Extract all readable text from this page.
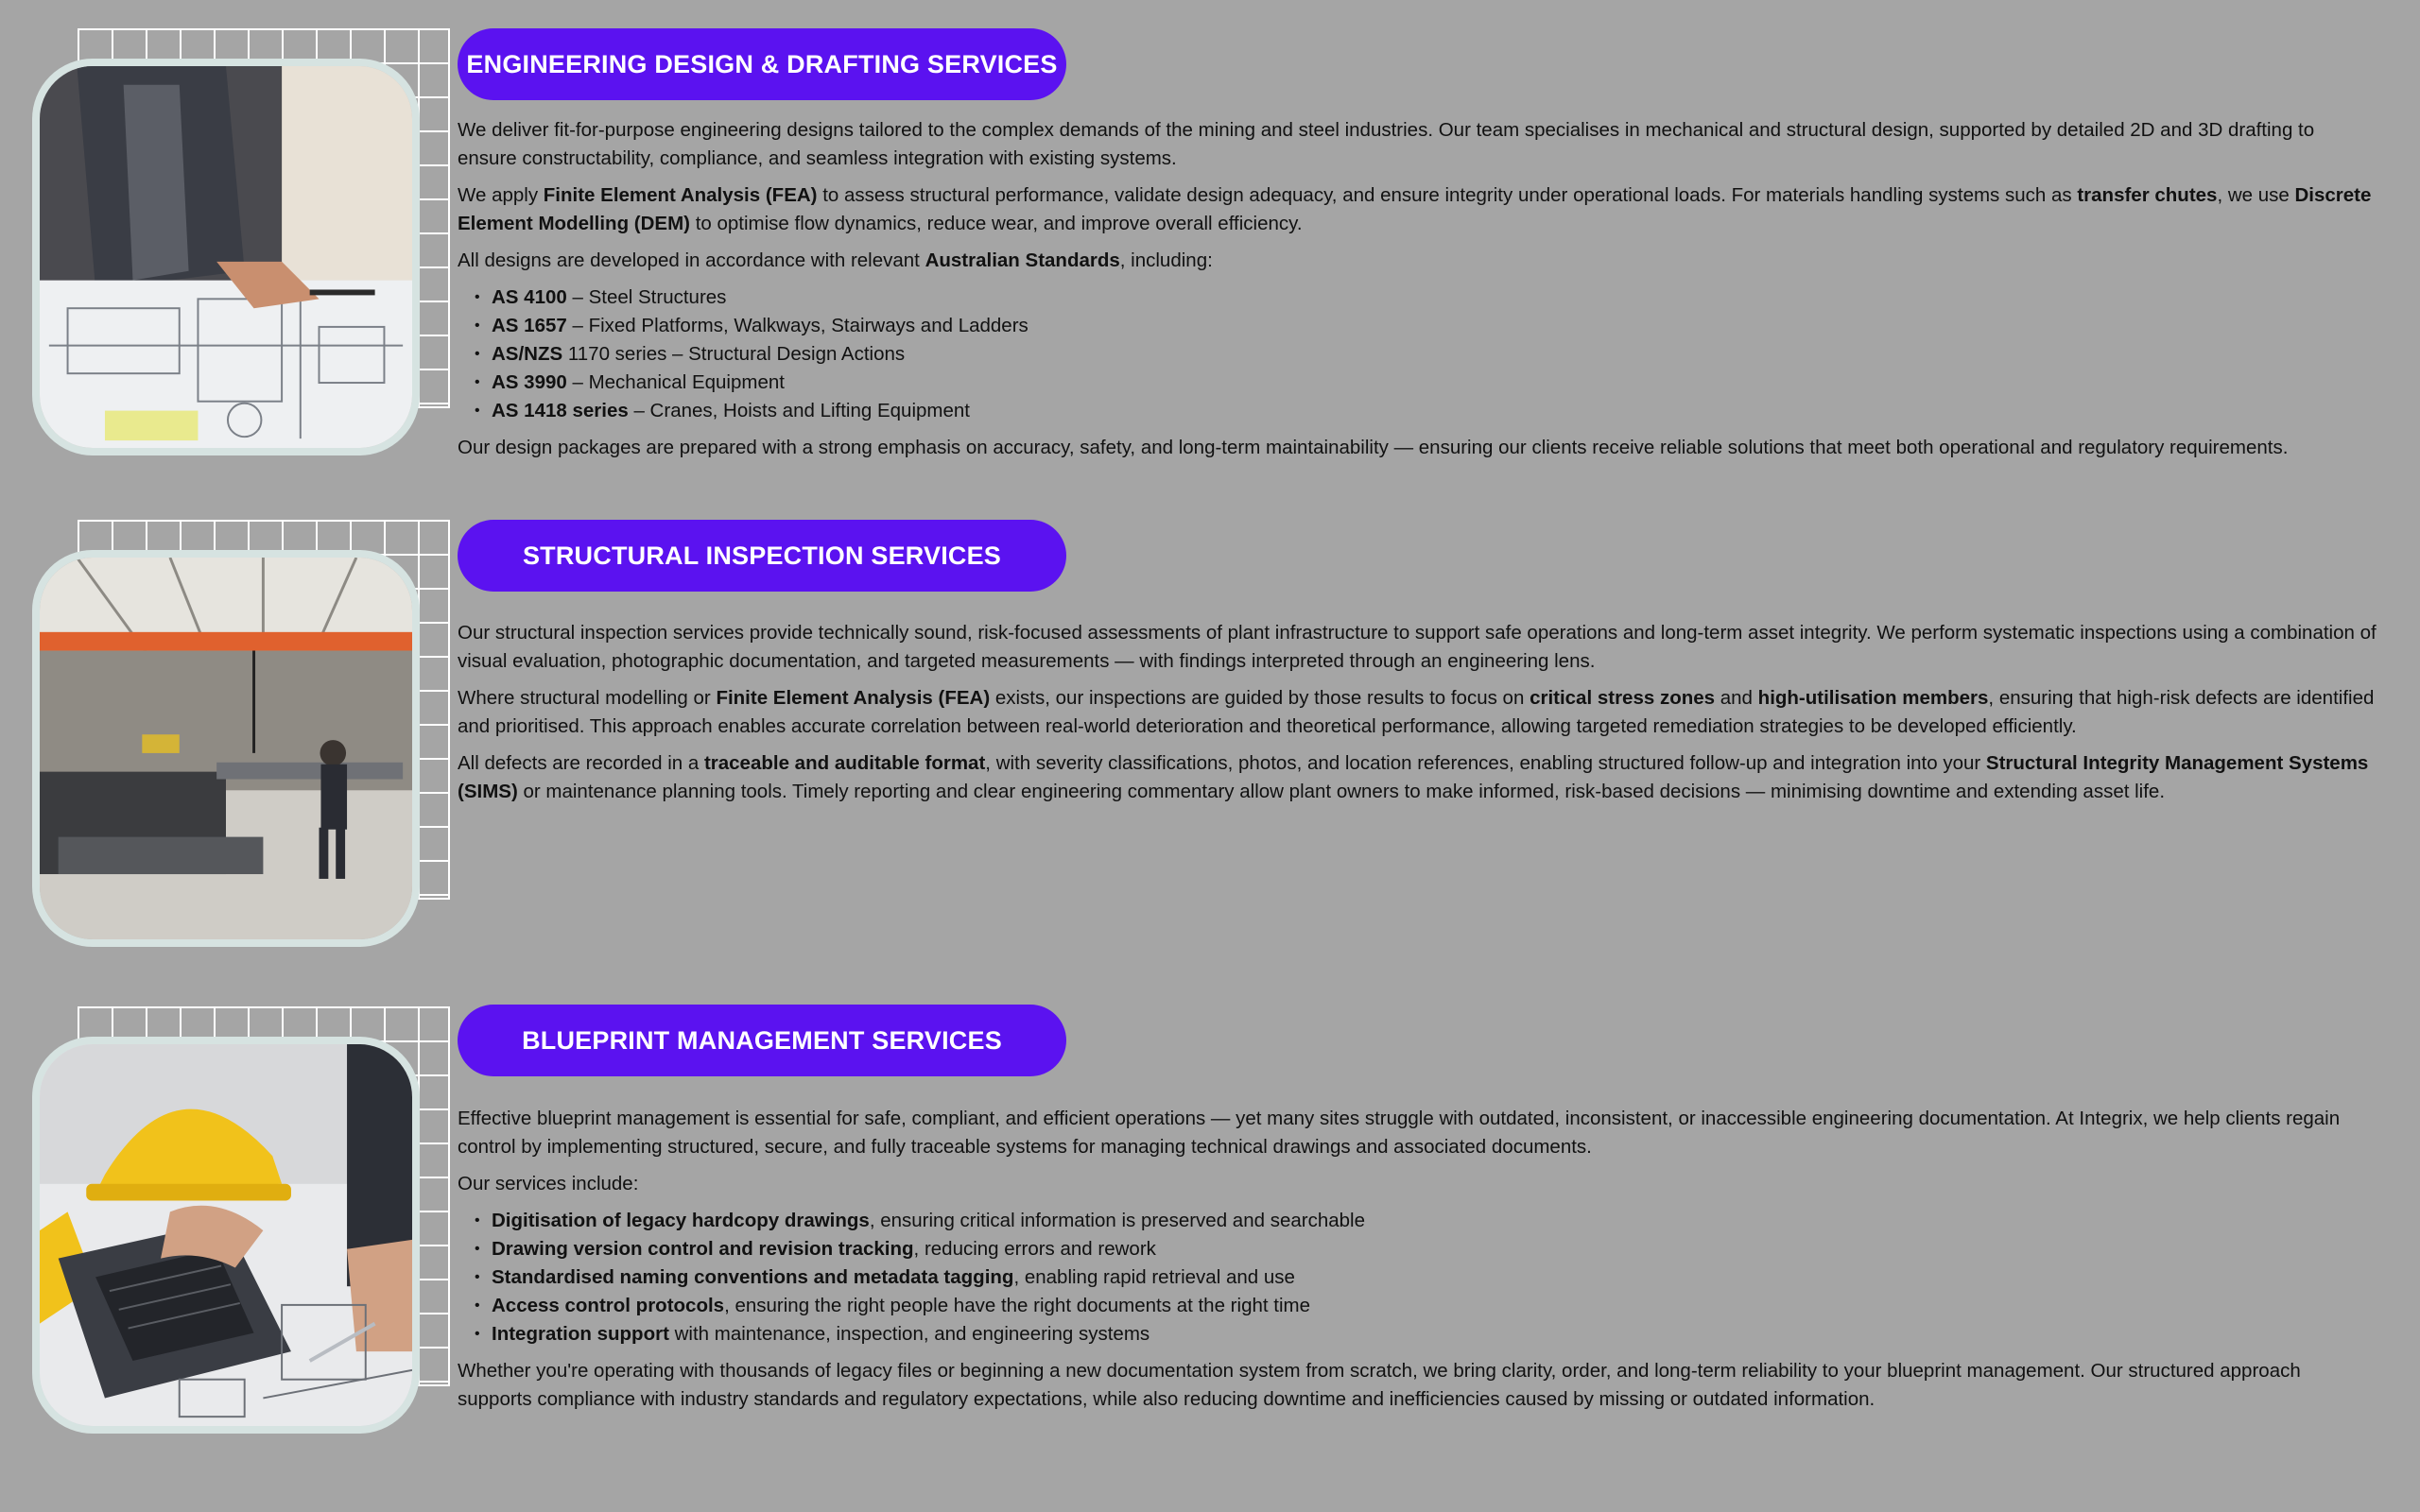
ENGINEERING DESIGN & DRAFTING SERVICES

We deliver fit-for-purpose engineering designs tailored to the complex demands of the mining and steel industries. Our team specialises in mechanical and structural design, supported by detailed 2D and 3D drafting to ensure constructability, compliance, and seamless integration with existing systems.

We apply Finite Element Analysis (FEA) to assess structural performance, validate design adequacy, and ensure integrity under operational loads. For materials handling systems such as transfer chutes, we use Discrete Element Modelling (DEM) to optimise flow dynamics, reduce wear, and improve overall efficiency.

All designs are developed in accordance with relevant Australian Standards, including:

• AS 4100 – Steel Structures
• AS 1657 – Fixed Platforms, Walkways, Stairways and Ladders
• AS/NZS 1170 series – Structural Design Actions
• AS 3990 – Mechanical Equipment
• AS 1418 series – Cranes, Hoists and Lifting Equipment

Our design packages are prepared with a strong emphasis on accuracy, safety, and long-term maintainability — ensuring our clients receive reliable solutions that meet both operational and regulatory requirements.

STRUCTURAL INSPECTION SERVICES

Our structural inspection services provide technically sound, risk-focused assessments of plant infrastructure to support safe operations and long-term asset integrity. We perform systematic inspections using a combination of visual evaluation, photographic documentation, and targeted measurements — with findings interpreted through an engineering lens.

Where structural modelling or Finite Element Analysis (FEA) exists, our inspections are guided by those results to focus on critical stress zones and high-utilisation members, ensuring that high-risk defects are identified and prioritised. This approach enables accurate correlation between real-world deterioration and theoretical performance, allowing targeted remediation strategies to be developed efficiently.

All defects are recorded in a traceable and auditable format, with severity classifications, photos, and location references, enabling structured follow-up and integration into your Structural Integrity Management Systems (SIMS) or maintenance planning tools. Timely reporting and clear engineering commentary allow plant owners to make informed, risk-based decisions — minimising downtime and extending asset life.

BLUEPRINT MANAGEMENT SERVICES

Effective blueprint management is essential for safe, compliant, and efficient operations — yet many sites struggle with outdated, inconsistent, or inaccessible engineering documentation. At Integrix, we help clients regain control by implementing structured, secure, and fully traceable systems for managing technical drawings and associated documents.

Our services include:

• Digitisation of legacy hardcopy drawings, ensuring critical information is preserved and searchable
• Drawing version control and revision tracking, reducing errors and rework
• Standardised naming conventions and metadata tagging, enabling rapid retrieval and use
• Access control protocols, ensuring the right people have the right documents at the right time
• Integration support with maintenance, inspection, and engineering systems

Whether you're operating with thousands of legacy files or beginning a new documentation system from scratch, we bring clarity, order, and long-term reliability to your blueprint management. Our structured approach supports compliance with industry standards and regulatory expectations, while also reducing downtime and inefficiencies caused by missing or outdated information.
